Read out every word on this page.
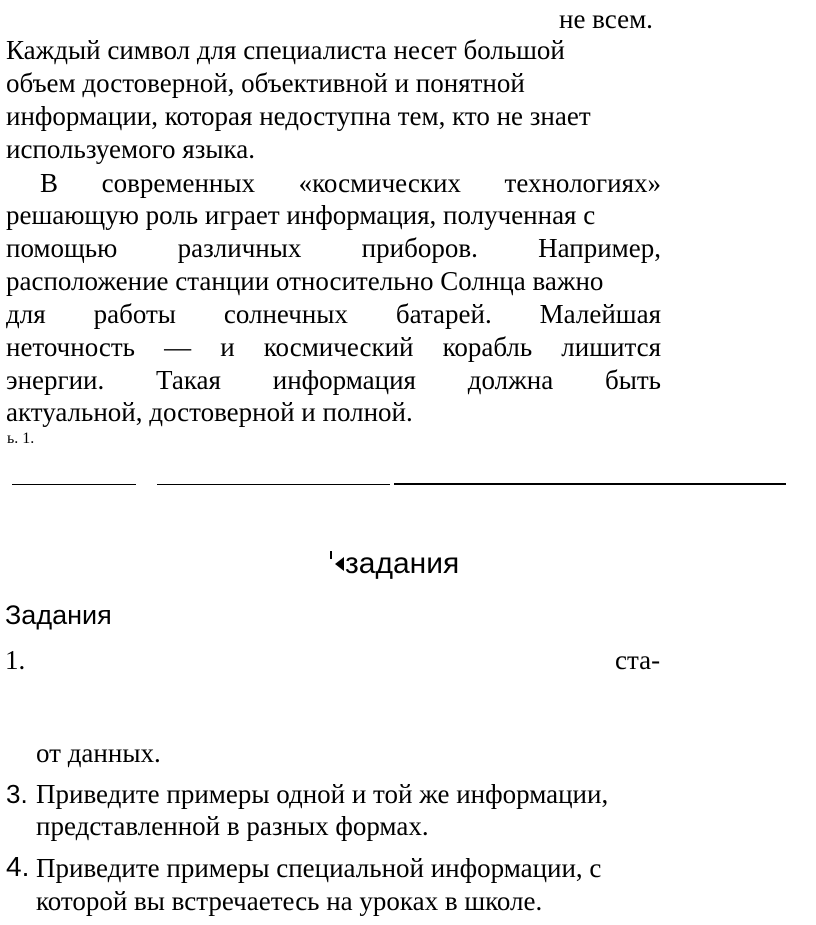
не всем.
Каждый символ для специалиста несет большой
объем достоверной, объективной и понятной
информации, которая недоступна тем, кто не знает
используемого языка.
В современных «космических технологиях»
решающую роль играет информация, полученная с
помощью различных приборов. Например,
расположение станции относительно Солнца важно
для работы солнечных батарей. Малейшая
неточность — и космический корабль лишится
энергии. Такая информация должна быть
актуальной, достоверной и полной.
ь. 1.
задания
Задания
1.	ста-
от данных.
3. Приведите примеры одной и той же информации,
представленной в разных формах.
4. Приведите примеры специальной информации, с
которой вы встречаетесь на уроках в школе.
